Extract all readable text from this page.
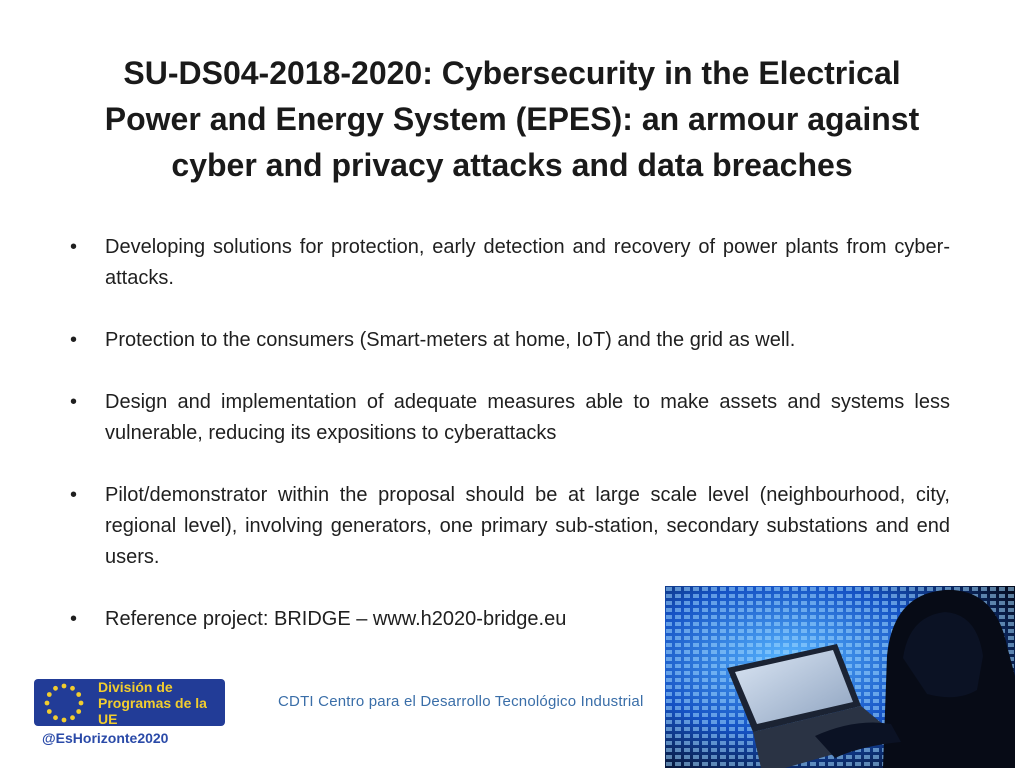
SU-DS04-2018-2020: Cybersecurity in the Electrical
Power and Energy System (EPES): an armour against
cyber and privacy attacks and data breaches
• Developing solutions for protection, early detection and recovery of power plants from cyber-attacks.
• Protection to the consumers (Smart-meters at home, IoT) and the grid as well.
• Design and implementation of adequate measures able to make assets and systems less vulnerable, reducing its expositions to cyberattacks
• Pilot/demonstrator within the proposal should be at large scale level (neighbourhood, city, regional level), involving generators, one primary sub-station, secondary substations and end users.
• Reference project: BRIDGE – www.h2020-bridge.eu
División de
Programas de la UE
@EsHorizonte2020
CDTI Centro para el Desarrollo Tecnológico Industrial
